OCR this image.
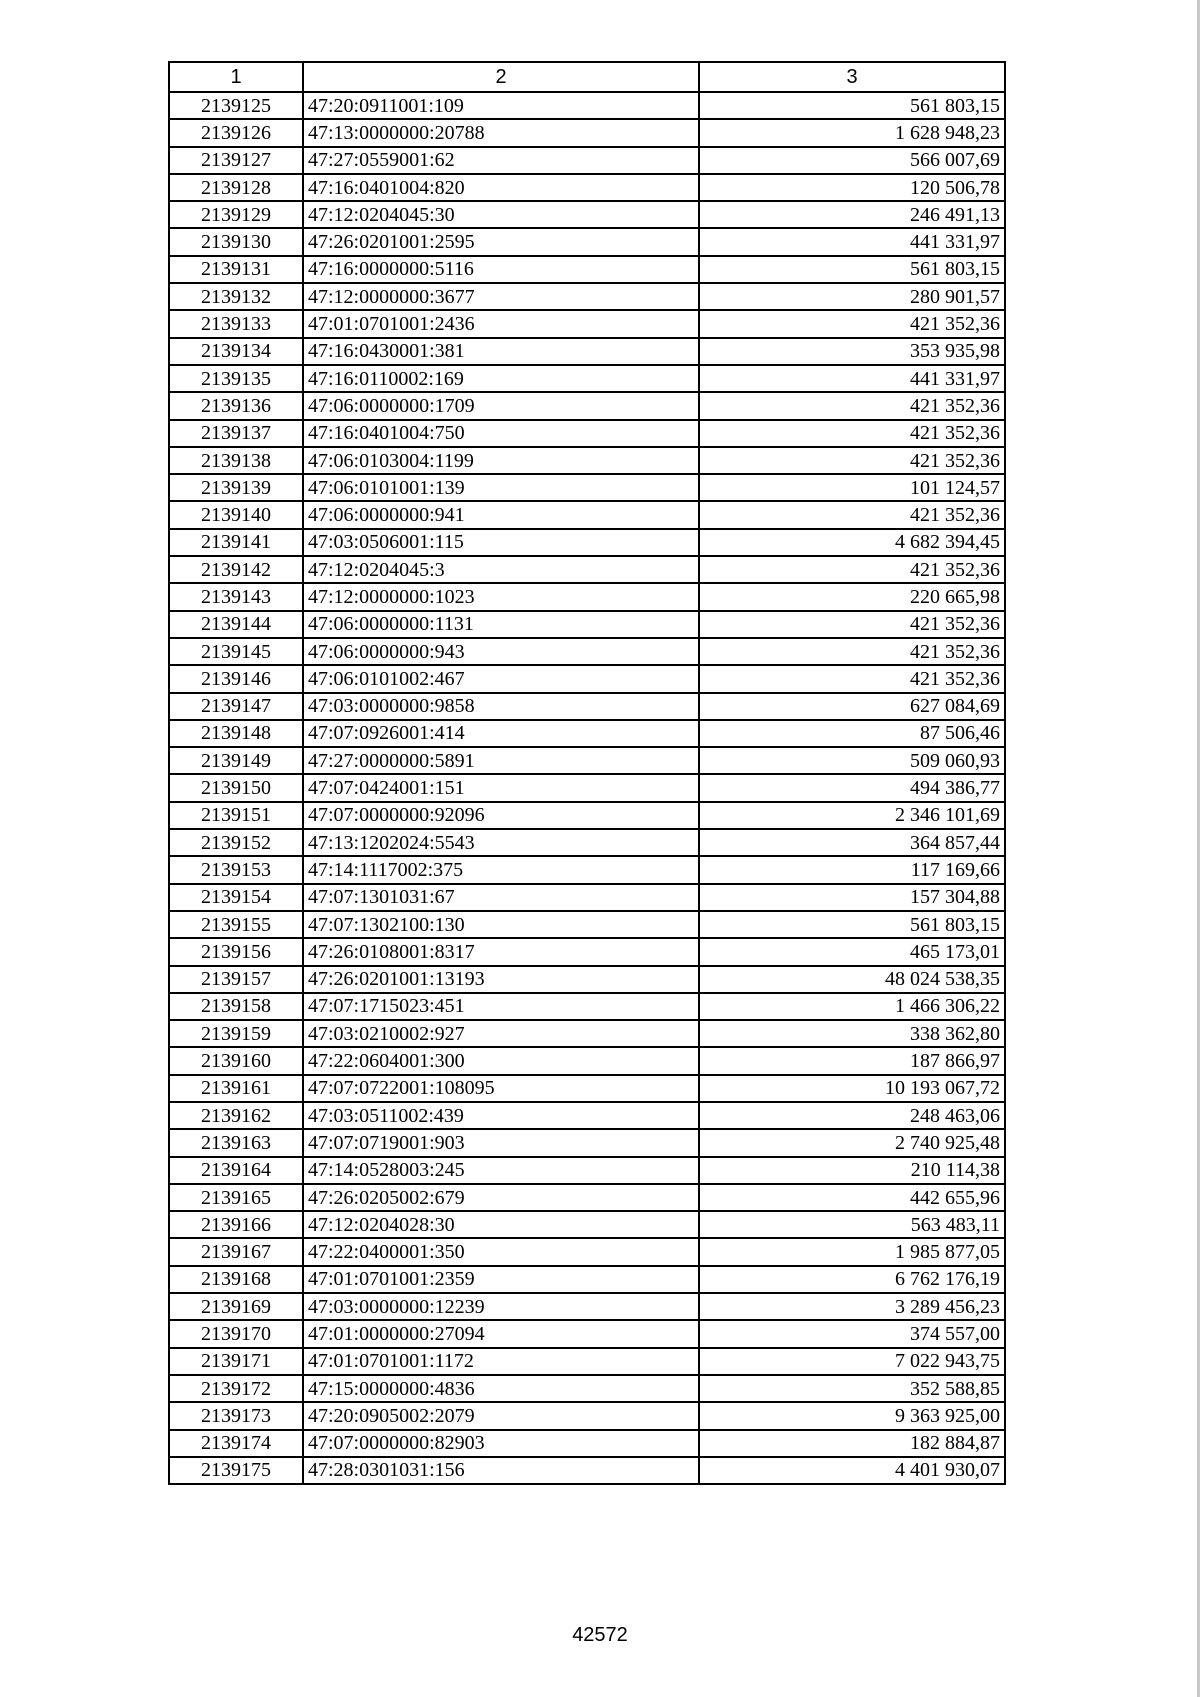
1	2	3
2139125	47:20:0911001:109	561 803,15
2139126	47:13:0000000:20788	1 628 948,23
2139127	47:27:0559001:62	566 007,69
2139128	47:16:0401004:820	120 506,78
2139129	47:12:0204045:30	246 491,13
2139130	47:26:0201001:2595	441 331,97
2139131	47:16:0000000:5116	561 803,15
2139132	47:12:0000000:3677	280 901,57
2139133	47:01:0701001:2436	421 352,36
2139134	47:16:0430001:381	353 935,98
2139135	47:16:0110002:169	441 331,97
2139136	47:06:0000000:1709	421 352,36
2139137	47:16:0401004:750	421 352,36
2139138	47:06:0103004:1199	421 352,36
2139139	47:06:0101001:139	101 124,57
2139140	47:06:0000000:941	421 352,36
2139141	47:03:0506001:115	4 682 394,45
2139142	47:12:0204045:3	421 352,36
2139143	47:12:0000000:1023	220 665,98
2139144	47:06:0000000:1131	421 352,36
2139145	47:06:0000000:943	421 352,36
2139146	47:06:0101002:467	421 352,36
2139147	47:03:0000000:9858	627 084,69
2139148	47:07:0926001:414	87 506,46
2139149	47:27:0000000:5891	509 060,93
2139150	47:07:0424001:151	494 386,77
2139151	47:07:0000000:92096	2 346 101,69
2139152	47:13:1202024:5543	364 857,44
2139153	47:14:1117002:375	117 169,66
2139154	47:07:1301031:67	157 304,88
2139155	47:07:1302100:130	561 803,15
2139156	47:26:0108001:8317	465 173,01
2139157	47:26:0201001:13193	48 024 538,35
2139158	47:07:1715023:451	1 466 306,22
2139159	47:03:0210002:927	338 362,80
2139160	47:22:0604001:300	187 866,97
2139161	47:07:0722001:108095	10 193 067,72
2139162	47:03:0511002:439	248 463,06
2139163	47:07:0719001:903	2 740 925,48
2139164	47:14:0528003:245	210 114,38
2139165	47:26:0205002:679	442 655,96
2139166	47:12:0204028:30	563 483,11
2139167	47:22:0400001:350	1 985 877,05
2139168	47:01:0701001:2359	6 762 176,19
2139169	47:03:0000000:12239	3 289 456,23
2139170	47:01:0000000:27094	374 557,00
2139171	47:01:0701001:1172	7 022 943,75
2139172	47:15:0000000:4836	352 588,85
2139173	47:20:0905002:2079	9 363 925,00
2139174	47:07:0000000:82903	182 884,87
2139175	47:28:0301031:156	4 401 930,07
42572
